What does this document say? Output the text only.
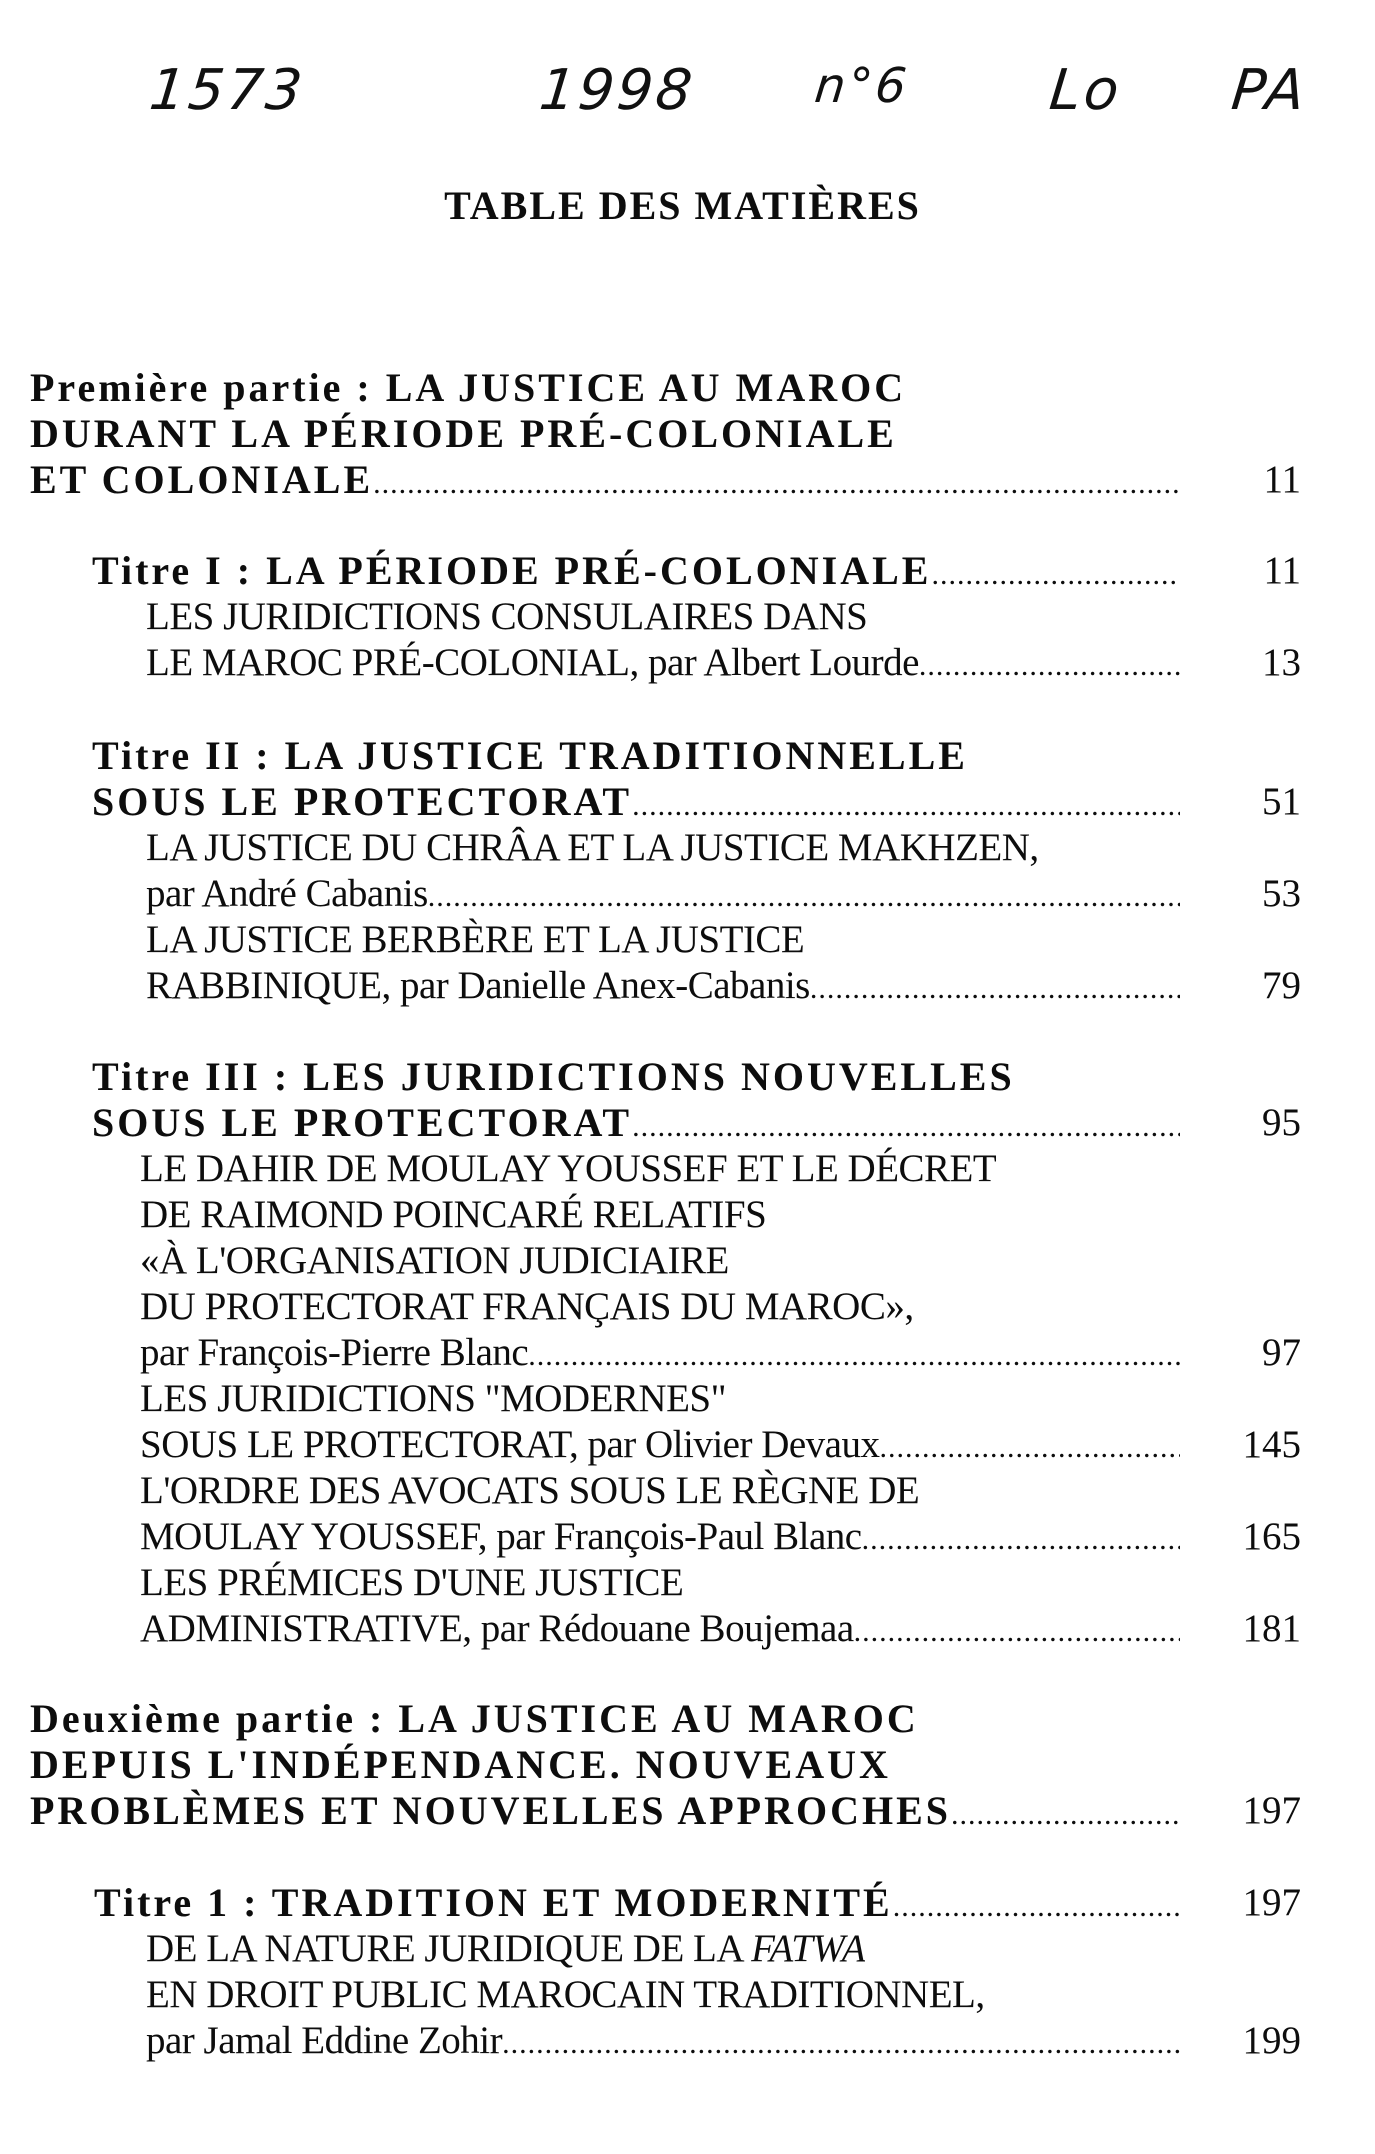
1573	1998 n°6 Lo PA
TABLE DES MATIÈRES
Première partie : LA JUSTICE AU MAROC
DURANT LA PÉRIODE PRÉ-COLONIALE
ET COLONIALE .....	11
Titre I : LA PÉRIODE PRÉ-COLONIALE .....	11
LES JURIDICTIONS CONSULAIRES DANS
LE MAROC PRÉ-COLONIAL, par Albert Lourde .....	13
Titre II : LA JUSTICE TRADITIONNELLE
SOUS LE PROTECTORAT .....	51
LA JUSTICE DU CHRÂA ET LA JUSTICE MAKHZEN,
par André Cabanis .....	53
LA JUSTICE BERBÈRE ET LA JUSTICE
RABBINIQUE, par Danielle Anex-Cabanis .....	79
Titre III : LES JURIDICTIONS NOUVELLES
SOUS LE PROTECTORAT .....	95
LE DAHIR DE MOULAY YOUSSEF ET LE DÉCRET
DE RAIMOND POINCARÉ RELATIFS
«À L'ORGANISATION JUDICIAIRE
DU PROTECTORAT FRANÇAIS DU MAROC»,
par François-Pierre Blanc .....	97
LES JURIDICTIONS "MODERNES"
SOUS LE PROTECTORAT, par Olivier Devaux .....	145
L'ORDRE DES AVOCATS SOUS LE RÈGNE DE
MOULAY YOUSSEF, par François-Paul Blanc .....	165
LES PRÉMICES D'UNE JUSTICE
ADMINISTRATIVE, par Rédouane Boujemaa .....	181
Deuxième partie : LA JUSTICE AU MAROC
DEPUIS L'INDÉPENDANCE. NOUVEAUX
PROBLÈMES ET NOUVELLES APPROCHES .....	197
Titre 1 : TRADITION ET MODERNITÉ .....	197
DE LA NATURE JURIDIQUE DE LA FATWA
EN DROIT PUBLIC MAROCAIN TRADITIONNEL,
par Jamal Eddine Zohir .....	199
